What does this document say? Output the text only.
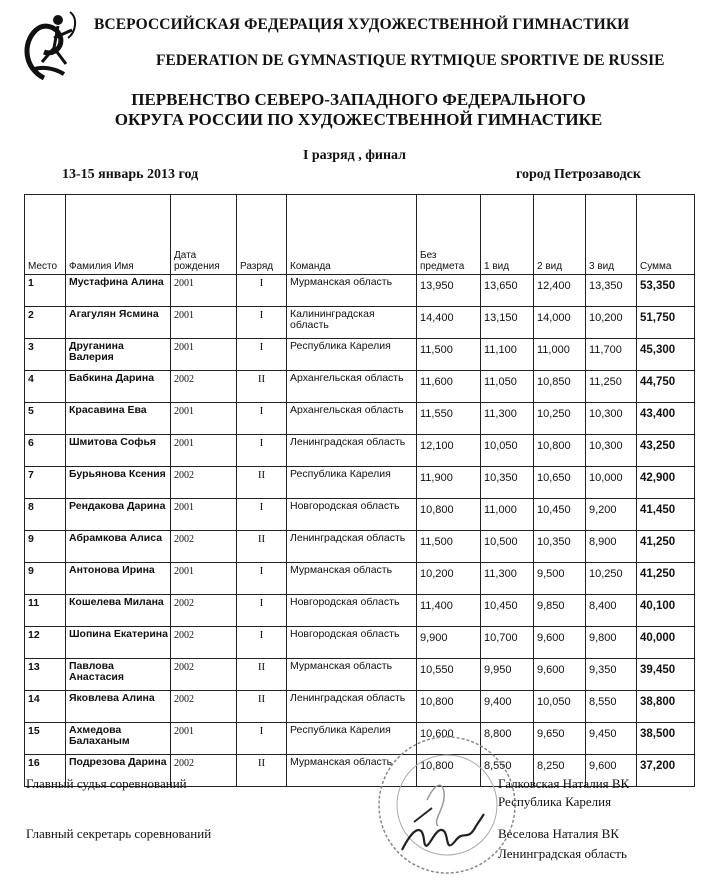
ВСЕРОССИЙСКАЯ ФЕДЕРАЦИЯ ХУДОЖЕСТВЕННОЙ ГИМНАСТИКИ
FEDERATION DE GYMNASTIQUE RYTMIQUE SPORTIVE DE RUSSIE
ПЕРВЕНСТВО СЕВЕРО-ЗАПАДНОГО ФЕДЕРАЛЬНОГО
ОКРУГА РОССИИ ПО ХУДОЖЕСТВЕННОЙ ГИМНАСТИКЕ
I разряд , финал
13-15 январь 2013 год	город Петрозаводск
Место	Фамилия Имя	Дата рождения	Разряд	Команда	Без предмета	1 вид	2 вид	3 вид	Сумма
1	Мустафина Алина	2001	I	Мурманская область	13,950	13,650	12,400	13,350	53,350
2	Агагулян Ясмина	2001	I	Калининградская область	14,400	13,150	14,000	10,200	51,750
3	Друганина Валерия	2001	I	Республика Карелия	11,500	11,100	11,000	11,700	45,300
4	Бабкина Дарина	2002	II	Архангельская область	11,600	11,050	10,850	11,250	44,750
5	Красавина Ева	2001	I	Архангельская область	11,550	11,300	10,250	10,300	43,400
6	Шмитова Софья	2001	I	Ленинградская область	12,100	10,050	10,800	10,300	43,250
7	Бурьянова Ксения	2002	II	Республика Карелия	11,900	10,350	10,650	10,000	42,900
8	Рендакова Дарина	2001	I	Новгородская область	10,800	11,000	10,450	9,200	41,450
9	Абрамкова Алиса	2002	II	Ленинградская область	11,500	10,500	10,350	8,900	41,250
9	Антонова Ирина	2001	I	Мурманская область	10,200	11,300	9,500	10,250	41,250
11	Кошелева Милана	2002	I	Новгородская область	11,400	10,450	9,850	8,400	40,100
12	Шопина Екатерина	2002	I	Новгородская область	9,900	10,700	9,600	9,800	40,000
13	Павлова Анастасия	2002	II	Мурманская область	10,550	9,950	9,600	9,350	39,450
14	Яковлева Алина	2002	II	Ленинградская область	10,800	9,400	10,050	8,550	38,800
15	Ахмедова Балаханым	2001	I	Республика Карелия	10,600	8,800	9,650	9,450	38,500
16	Подрезова Дарина	2002	II	Мурманская область	10,800	8,550	8,250	9,600	37,200
Главный судья соревнований	Галковская Наталия ВК
Республика Карелия
Главный секретарь соревнований	Веселова Наталия ВК
Ленинградская область
